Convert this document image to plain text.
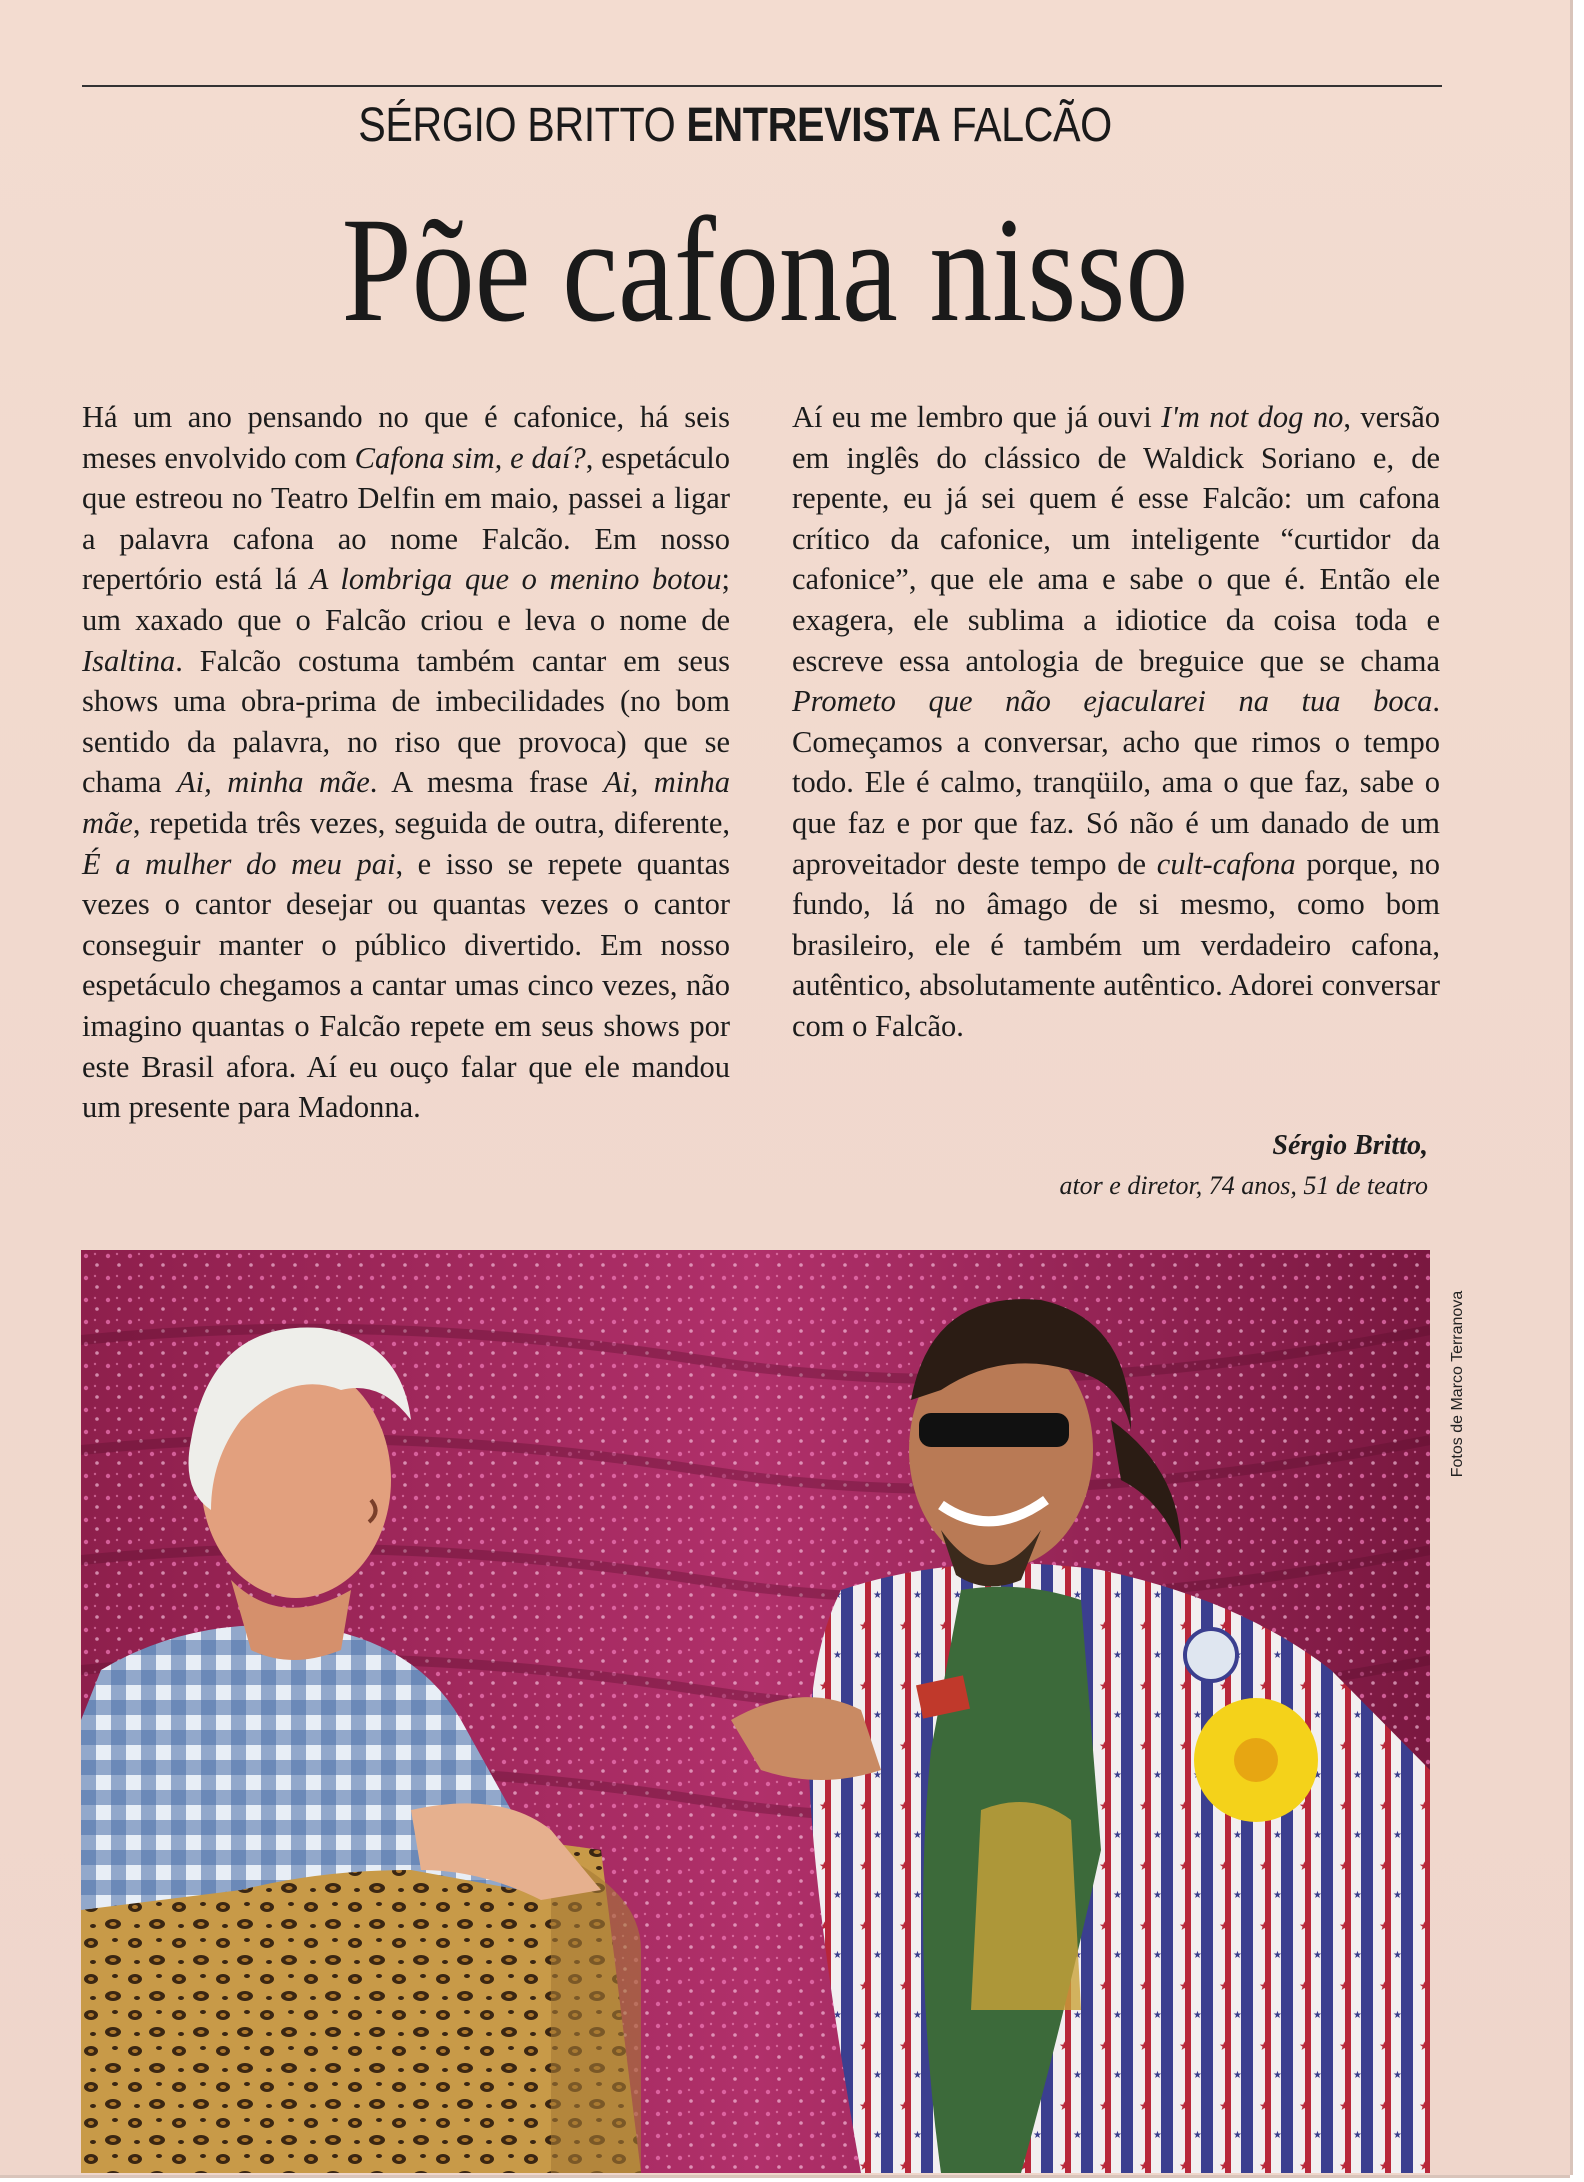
SÉRGIO BRITTO ENTREVISTA FALCÃO
Põe cafona nisso

Há um ano pensando no que é cafonice, há seis meses envolvido com Cafona sim, e daí?, espetáculo que estreou no Teatro Delfin em maio, passei a ligar a palavra cafona ao nome Falcão. Em nosso repertório está lá A lombriga que o menino botou; um xaxado que o Falcão criou e leva o nome de Isaltina. Falcão costuma também cantar em seus shows uma obra-prima de imbecilidades (no bom sentido da palavra, no riso que provoca) que se chama Ai, minha mãe. A mesma frase Ai, minha mãe, repetida três vezes, seguida de outra, diferente, É a mulher do meu pai, e isso se repete quantas vezes o cantor desejar ou quantas vezes o cantor conseguir manter o público divertido. Em nosso espetáculo chegamos a cantar umas cinco vezes, não imagino quantas o Falcão repete em seus shows por este Brasil afora. Aí eu ouço falar que ele mandou um presente para Madonna.

Aí eu me lembro que já ouvi I'm not dog no, versão em inglês do clássico de Waldick Soriano e, de repente, eu já sei quem é esse Falcão: um cafona crítico da cafonice, um inteligente “curtidor da cafonice”, que ele ama e sabe o que é. Então ele exagera, ele sublima a idiotice da coisa toda e escreve essa antologia de breguice que se chama Prometo que não ejacularei na tua boca. Começamos a conversar, acho que rimos o tempo todo. Ele é calmo, tranqüilo, ama o que faz, sabe o que faz e por que faz. Só não é um danado de um aproveitador deste tempo de cult-cafona porque, no fundo, lá no âmago de si mesmo, como bom brasileiro, ele é também um verdadeiro cafona, autêntico, absolutamente autêntico. Adorei conversar com o Falcão.

Sérgio Britto,
ator e diretor, 74 anos, 51 de teatro
Fotos de Marco Terranova
